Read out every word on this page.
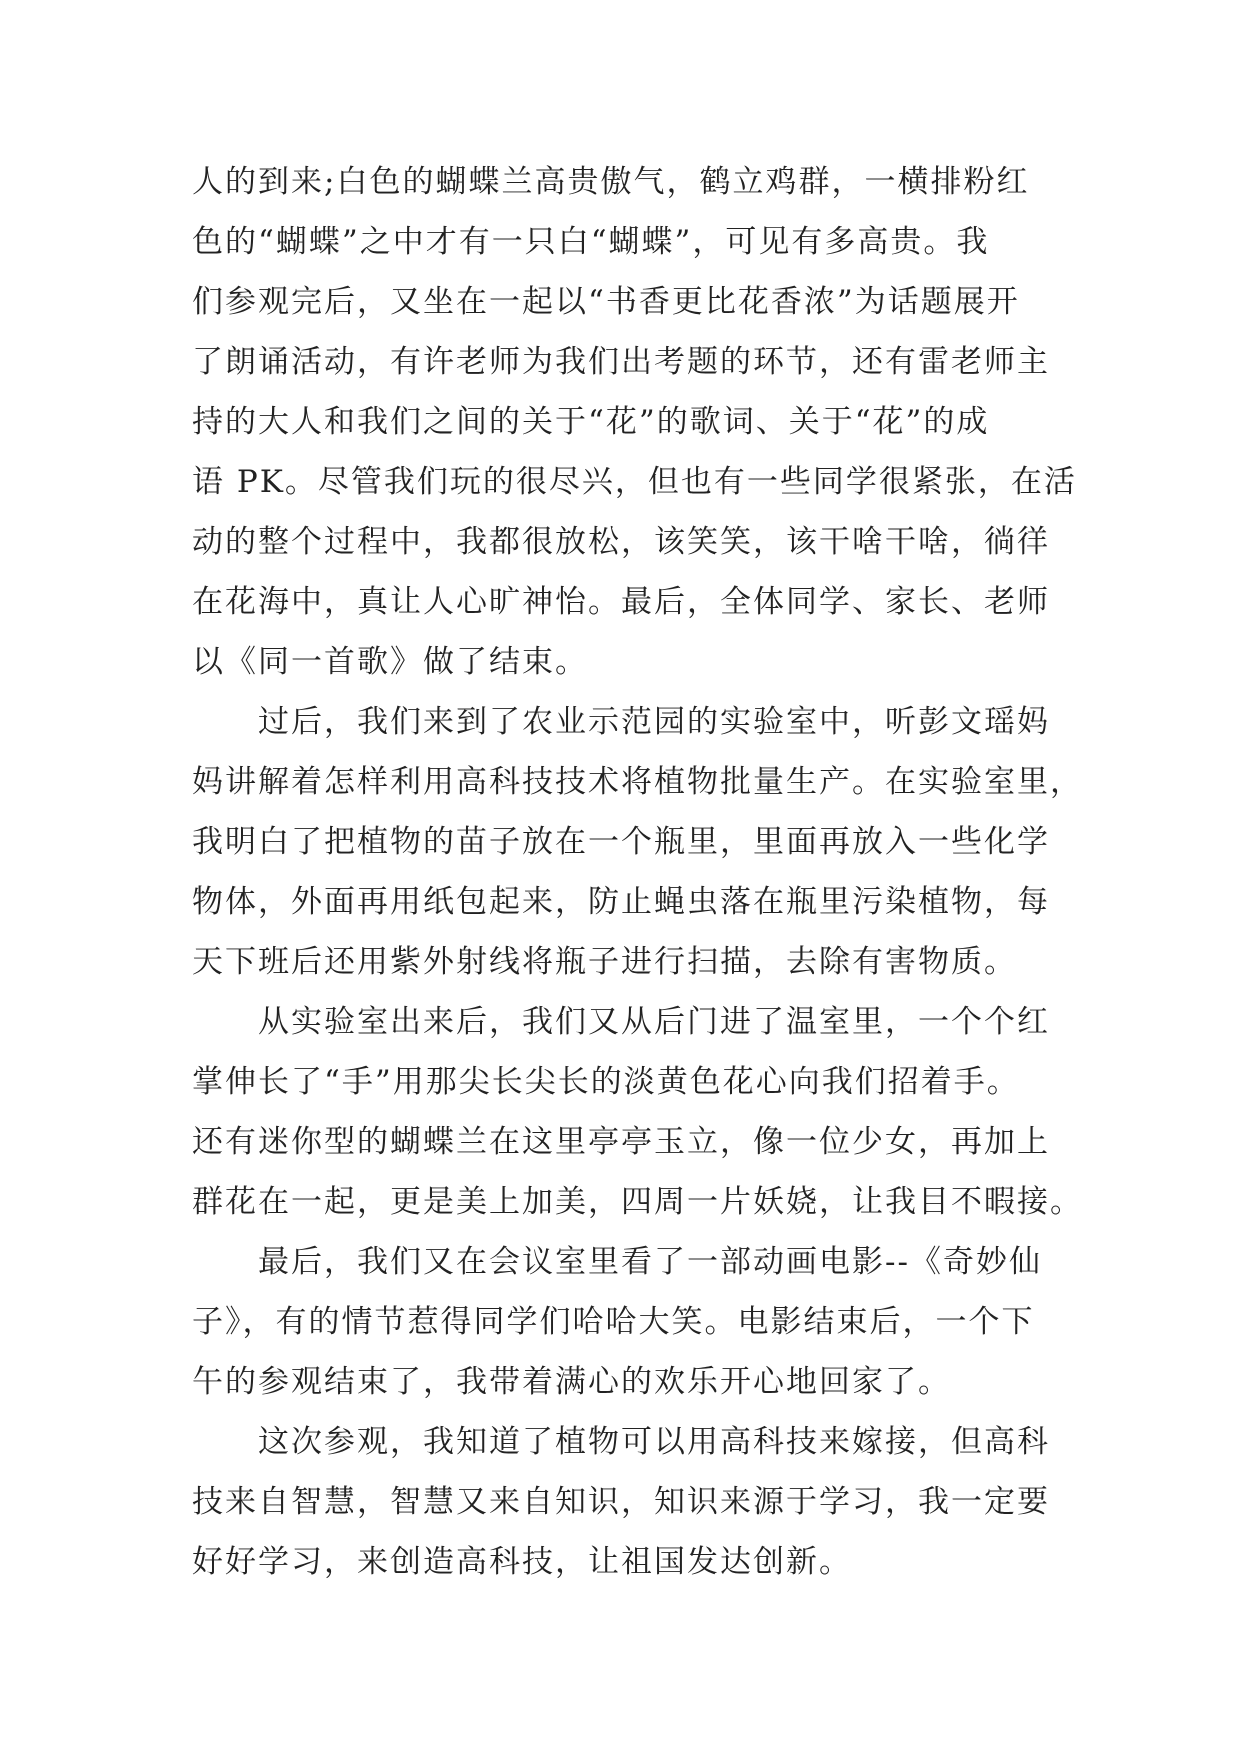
人的到来;白色的蝴蝶兰高贵傲气，鹤立鸡群，一横排粉红
色的“蝴蝶”之中才有一只白“蝴蝶”，可见有多高贵。我
们参观完后，又坐在一起以“书香更比花香浓”为话题展开
了朗诵活动，有许老师为我们出考题的环节，还有雷老师主
持的大人和我们之间的关于“花”的歌词、关于“花”的成
语 PK。尽管我们玩的很尽兴，但也有一些同学很紧张，在活
动的整个过程中，我都很放松，该笑笑，该干啥干啥，徜徉
在花海中，真让人心旷神怡。最后，全体同学、家长、老师
以《同一首歌》做了结束。
过后，我们来到了农业示范园的实验室中，听彭文瑶妈
妈讲解着怎样利用高科技技术将植物批量生产。在实验室里，
我明白了把植物的苗子放在一个瓶里，里面再放入一些化学
物体，外面再用纸包起来，防止蝇虫落在瓶里污染植物，每
天下班后还用紫外射线将瓶子进行扫描，去除有害物质。
从实验室出来后，我们又从后门进了温室里，一个个红
掌伸长了“手”用那尖长尖长的淡黄色花心向我们招着手。
还有迷你型的蝴蝶兰在这里亭亭玉立，像一位少女，再加上
群花在一起，更是美上加美，四周一片妖娆，让我目不暇接。
最后，我们又在会议室里看了一部动画电影--《奇妙仙
子》，有的情节惹得同学们哈哈大笑。电影结束后，一个下
午的参观结束了，我带着满心的欢乐开心地回家了。
这次参观，我知道了植物可以用高科技来嫁接，但高科
技来自智慧，智慧又来自知识，知识来源于学习，我一定要
好好学习，来创造高科技，让祖国发达创新。
